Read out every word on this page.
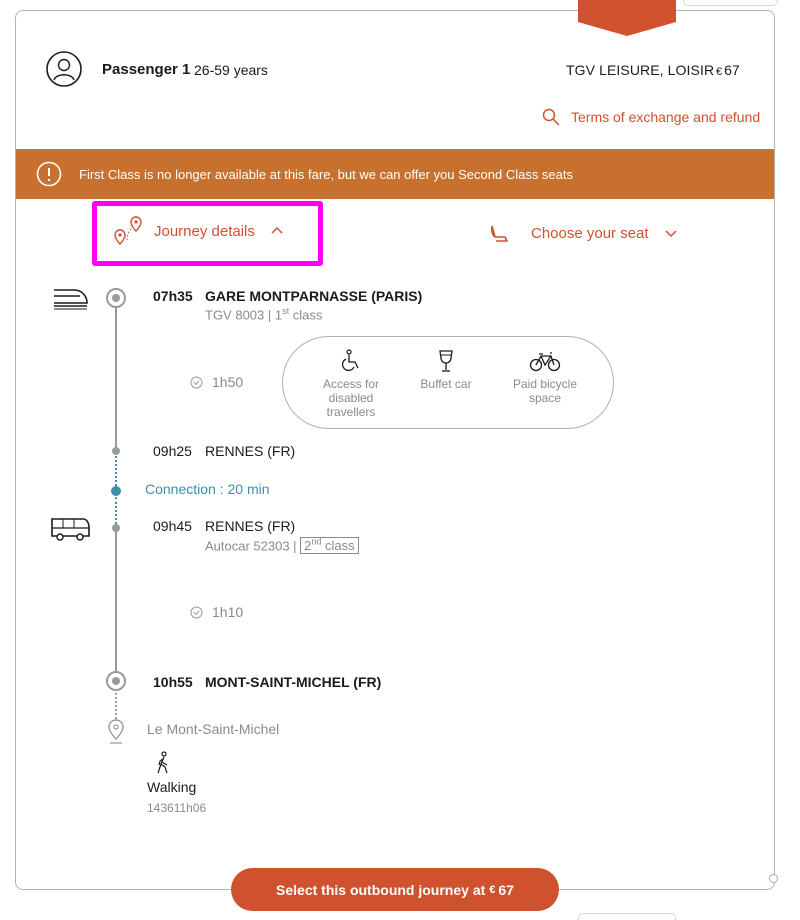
Passenger 1 26-59 years	TGV LEISURE, LOISIR € 67
Terms of exchange and refund
First Class is no longer available at this fare, but we can offer you Second Class seats
Journey details	Choose your seat
07h35 GARE MONTPARNASSE (PARIS)
TGV 8003 | 1st class
1h50	Access for disabled travellers
Buffet car	Paid bicycle space
09h25 RENNES (FR)
Connection : 20 min
09h45 RENNES (FR)
Autocar 52303 | 2nd class
1h10
10h55 MONT-SAINT-MICHEL (FR)
Le Mont-Saint-Michel
Walking
143611h06
Select this outbound journey at € 67
